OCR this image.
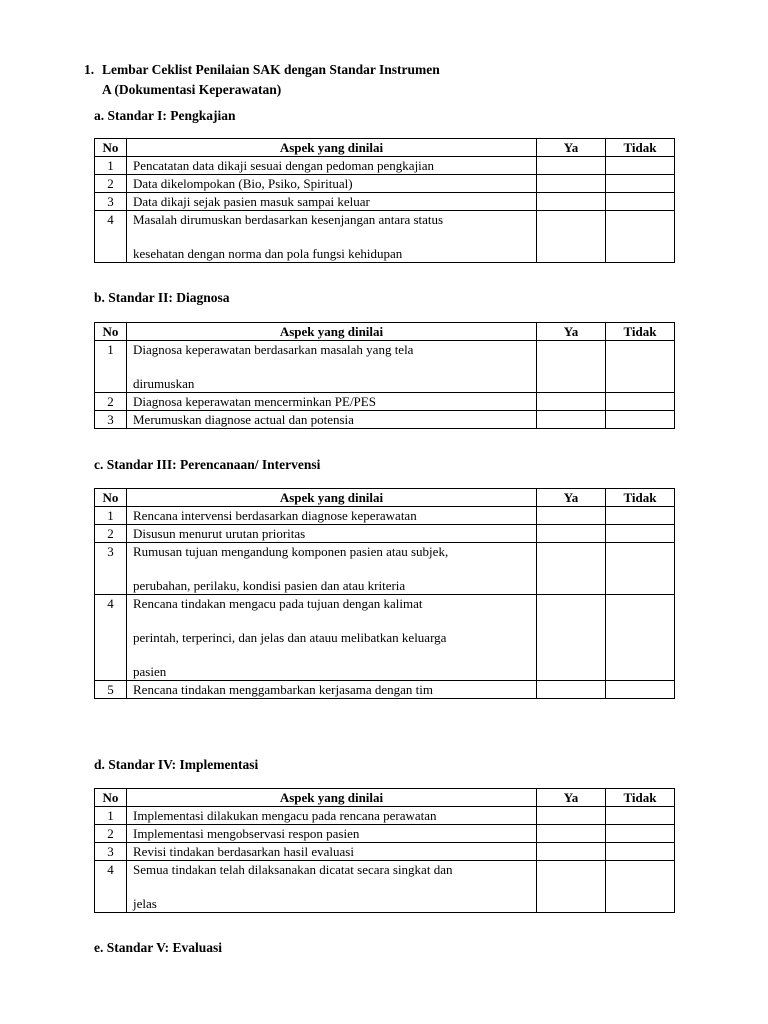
1. Lembar Ceklist Penilaian SAK dengan Standar Instrumen
A (Dokumentasi Keperawatan)
a. Standar I: Pengkajian
No	Aspek yang dinilai	Ya	Tidak
1	Pencatatan data dikaji sesuai dengan pedoman pengkajian		

2	Data dikelompokan (Bio, Psiko, Spiritual)		

3	Data dikaji sejak pasien masuk sampai keluar		

4	Masalah dirumuskan berdasarkan kesenjangan antara status
kesehatan dengan norma dan pola fungsi kehidupan		

b. Standar II: Diagnosa
No	Aspek yang dinilai	Ya	Tidak
1	Diagnosa keperawatan berdasarkan masalah yang tela
dirumuskan		

2	Diagnosa keperawatan mencerminkan PE/PES		

3	Merumuskan diagnose actual dan potensia		

c. Standar III: Perencanaan/ Intervensi
No	Aspek yang dinilai	Ya	Tidak
1	Rencana intervensi berdasarkan diagnose keperawatan		

2	Disusun menurut urutan prioritas		

3	Rumusan tujuan mengandung komponen pasien atau subjek,
perubahan, perilaku, kondisi pasien dan atau kriteria		

4	Rencana tindakan mengacu pada tujuan dengan kalimat
perintah, terperinci, dan jelas dan atauu melibatkan keluarga
pasien		

5	Rencana tindakan menggambarkan kerjasama dengan tim		

d. Standar IV: Implementasi
No	Aspek yang dinilai	Ya	Tidak
1	Implementasi dilakukan mengacu pada rencana perawatan		

2	Implementasi mengobservasi respon pasien		

3	Revisi tindakan berdasarkan hasil evaluasi		

4	Semua tindakan telah dilaksanakan dicatat secara singkat dan
jelas		

e. Standar V: Evaluasi
